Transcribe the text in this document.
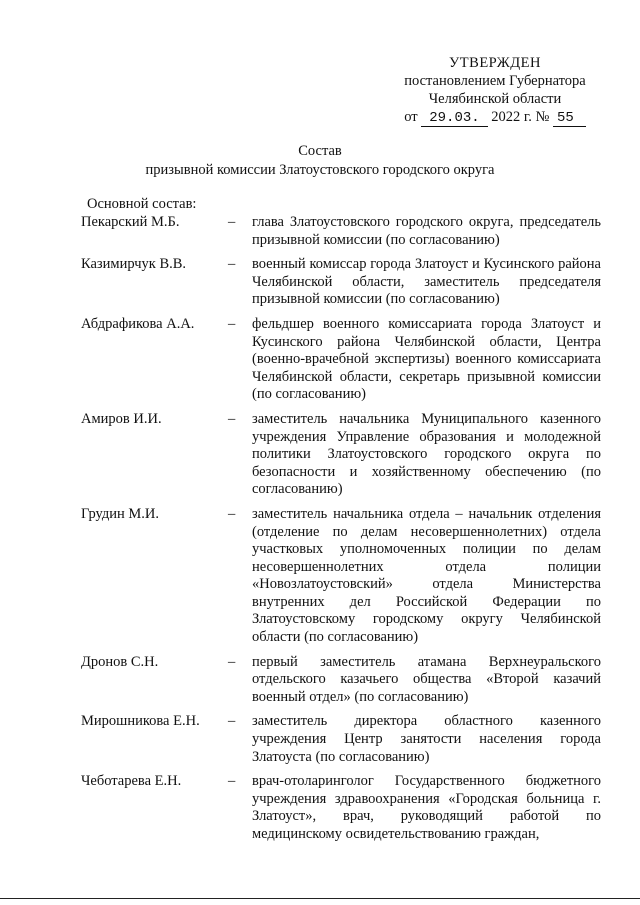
УТВЕРЖДЕН
постановлением Губернатора
Челябинской области
от 29.03. 2022 г. № 55
Состав
призывной комиссии Златоустовского городского округа
Основной состав:
Пекарский М.Б.	–	глава Златоустовского городского округа, председатель призывной комиссии (по согласованию)
Казимирчук В.В.	–	военный комиссар города Златоуст и Кусинского района Челябинской области, заместитель председателя призывной комиссии (по согласованию)
Абдрафикова А.А.	–	фельдшер военного комиссариата города Златоуст и Кусинского района Челябинской области, Центра (военно-врачебной экспертизы) военного комиссариата Челябинской области, секретарь призывной комиссии (по согласованию)
Амиров И.И.	–	заместитель начальника Муниципального казенного учреждения Управление образования и молодежной политики Златоустовского городского округа по безопасности и хозяйственному обеспечению (по согласованию)
Грудин М.И.	–	заместитель начальника отдела – начальник отделения (отделение по делам несовершеннолетних) отдела участковых уполномоченных полиции по делам несовершеннолетних отдела полиции «Новозлатоустовский» отдела Министерства внутренних дел Российской Федерации по Златоустовскому городскому округу Челябинской области (по согласованию)
Дронов С.Н.	–	первый заместитель атамана Верхнеуральского отдельского казачьего общества «Второй казачий военный отдел» (по согласованию)
Мирошникова Е.Н.	–	заместитель директора областного казенного учреждения Центр занятости населения города Златоуста (по согласованию)
Чеботарева Е.Н.	–	врач-отоларинголог Государственного бюджетного учреждения здравоохранения «Городская больница г. Златоуст», врач, руководящий работой по медицинскому освидетельствованию граждан,
